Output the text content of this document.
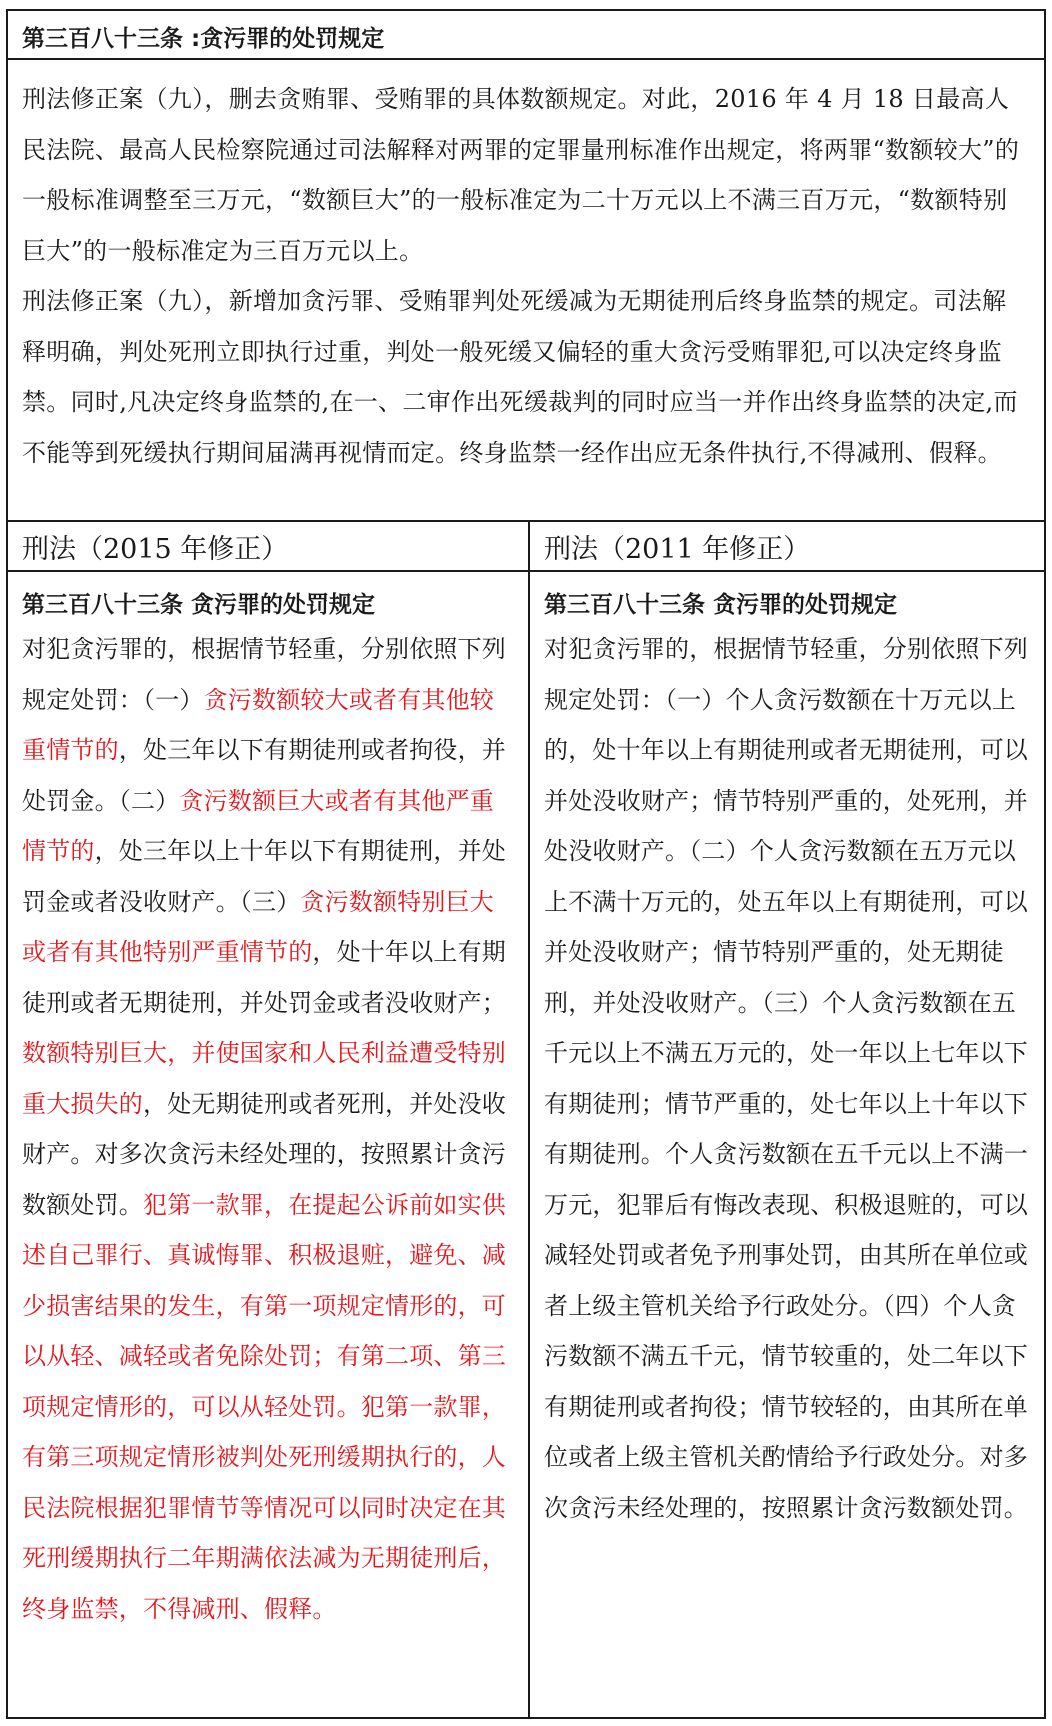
第三百八十三条 :贪污罪的处罚规定

刑法修正案（九），删去贪贿罪、受贿罪的具体数额规定。对此，2016 年 4 月 18 日最高人民法院、最高人民检察院通过司法解释对两罪的定罪量刑标准作出规定，将两罪“数额较大”的一般标准调整至三万元，“数额巨大”的一般标准定为二十万元以上不满三百万元，“数额特别巨大”的一般标准定为三百万元以上。

刑法修正案（九），新增加贪污罪、受贿罪判处死缓减为无期徒刑后终身监禁的规定。司法解释明确，判处死刑立即执行过重，判处一般死缓又偏轻的重大贪污受贿罪犯,可以决定终身监禁。同时,凡决定终身监禁的,在一、二审作出死缓裁判的同时应当一并作出终身监禁的决定,而不能等到死缓执行期间届满再视情而定。终身监禁一经作出应无条件执行,不得减刑、假释。

刑法（2015 年修正）
第三百八十三条 贪污罪的处罚规定
对犯贪污罪的，根据情节轻重，分别依照下列规定处罚：（一）贪污数额较大或者有其他较重情节的，处三年以下有期徒刑或者拘役，并处罚金。（二）贪污数额巨大或者有其他严重情节的，处三年以上十年以下有期徒刑，并处罚金或者没收财产。（三）贪污数额特别巨大或者有其他特别严重情节的，处十年以上有期徒刑或者无期徒刑，并处罚金或者没收财产；数额特别巨大，并使国家和人民利益遭受特别重大损失的，处无期徒刑或者死刑，并处没收财产。对多次贪污未经处理的，按照累计贪污数额处罚。犯第一款罪，在提起公诉前如实供述自己罪行、真诚悔罪、积极退赃，避免、减少损害结果的发生，有第一项规定情形的，可以从轻、减轻或者免除处罚；有第二项、第三项规定情形的，可以从轻处罚。犯第一款罪，有第三项规定情形被判处死刑缓期执行的，人民法院根据犯罪情节等情况可以同时决定在其死刑缓期执行二年期满依法减为无期徒刑后，终身监禁，不得减刑、假释。
刑法（2011 年修正）
第三百八十三条 贪污罪的处罚规定
对犯贪污罪的，根据情节轻重，分别依照下列规定处罚：（一）个人贪污数额在十万元以上的，处十年以上有期徒刑或者无期徒刑，可以并处没收财产；情节特别严重的，处死刑，并处没收财产。（二）个人贪污数额在五万元以上不满十万元的，处五年以上有期徒刑，可以并处没收财产；情节特别严重的，处无期徒刑，并处没收财产。（三）个人贪污数额在五千元以上不满五万元的，处一年以上七年以下有期徒刑；情节严重的，处七年以上十年以下有期徒刑。个人贪污数额在五千元以上不满一万元，犯罪后有悔改表现、积极退赃的，可以减轻处罚或者免予刑事处罚，由其所在单位或者上级主管机关给予行政处分。（四）个人贪污数额不满五千元，情节较重的，处二年以下有期徒刑或者拘役；情节较轻的，由其所在单位或者上级主管机关酌情给予行政处分。对多次贪污未经处理的，按照累计贪污数额处罚。
